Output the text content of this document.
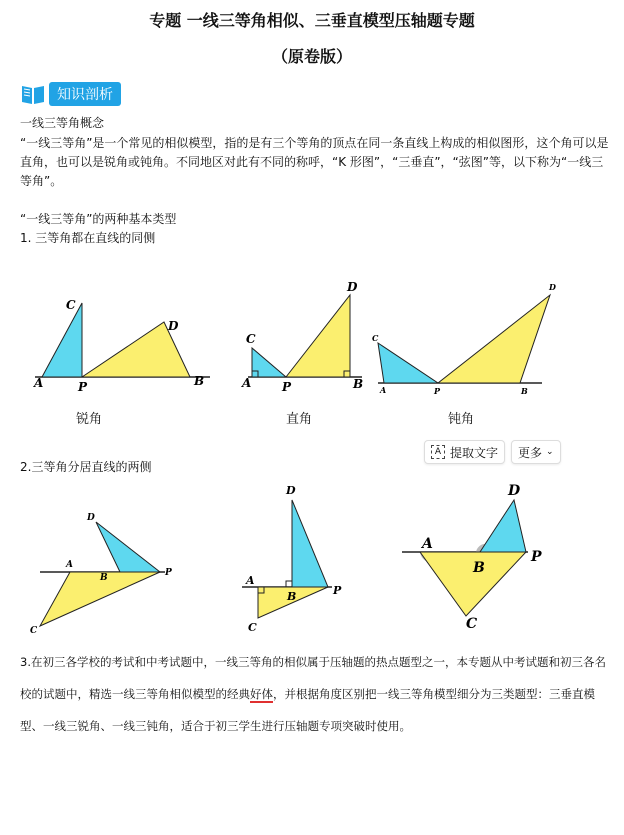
专题 一线三等角相似、三垂直模型压轴题专题
（原卷版）
知识剖析
一线三等角概念
“一线三等角”是一个常见的相似模型，指的是有三个等角的顶点在同一条直线上构成的相似图形，这个角可以是直角，也可以是锐角或钝角。不同地区对此有不同的称呼，“K 形图”，“三垂直”，“弦图”等，以下称为“一线三等角”。
“一线三等角”的两种基本类型
1. 三等角都在直线的同侧
A
C
P
D
B	A
C
P
D
B
C
A	P
D
B
锐角	直角	钝角
A 提取文字 更多 ⌄
2.三等角分居直线的两侧
D
A
B	P
C
D
A
B	P
C
D
A
B
P
C
3.在初三各学校的考试和中考试题中，一线三等角的相似属于压轴题的热点题型之一，本专题从中考试题和初三各名校的试题中，精选一线三等角相似模型的经典好体，并根据角度区别把一线三等角模型细分为三类题型：三垂直模型、一线三锐角、一线三钝角，适合于初三学生进行压轴题专项突破时使用。
